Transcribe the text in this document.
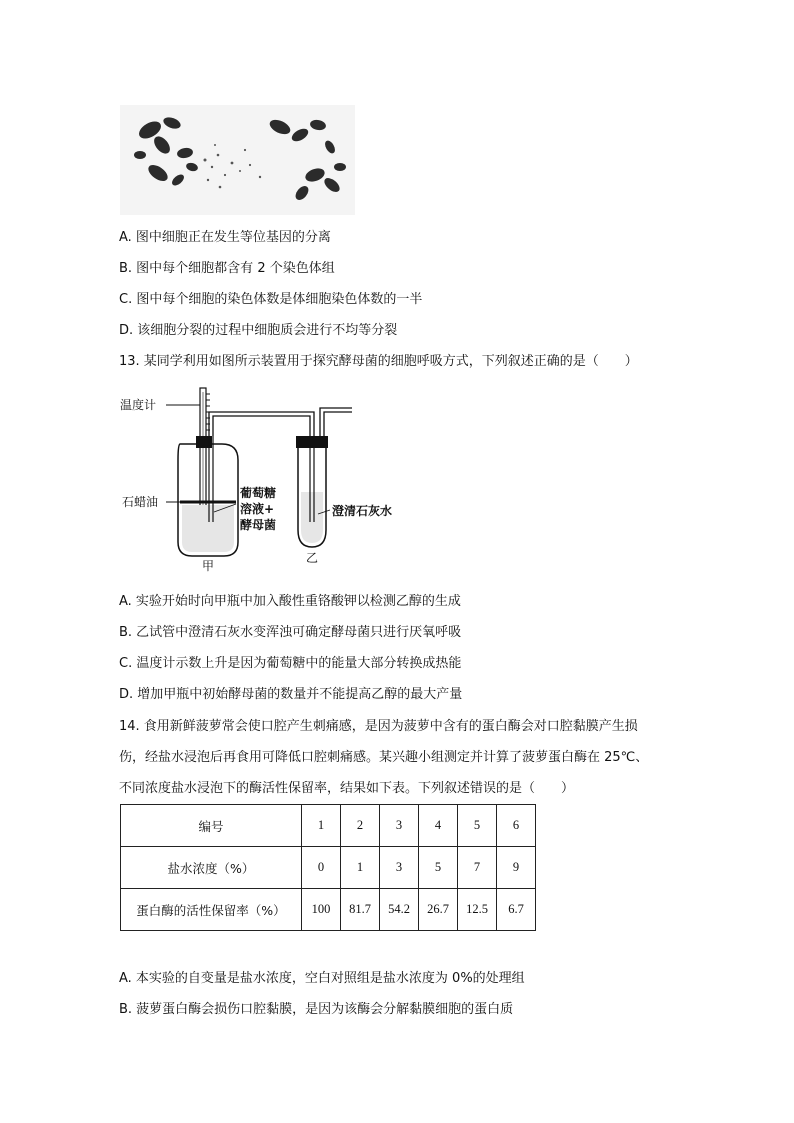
A. 图中细胞正在发生等位基因的分离
B. 图中每个细胞都含有 2 个染色体组
C. 图中每个细胞的染色体数是体细胞染色体数的一半
D. 该细胞分裂的过程中细胞质会进行不均等分裂
13. 某同学利用如图所示装置用于探究酵母菌的细胞呼吸方式，下列叙述正确的是（　　）
温度计
石蜡油
葡萄糖
溶液+
酵母菌
澄清石灰水
甲
乙
A. 实验开始时向甲瓶中加入酸性重铬酸钾以检测乙醇的生成
B. 乙试管中澄清石灰水变浑浊可确定酵母菌只进行厌氧呼吸
C. 温度计示数上升是因为葡萄糖中的能量大部分转换成热能
D. 增加甲瓶中初始酵母菌的数量并不能提高乙醇的最大产量
14. 食用新鲜菠萝常会使口腔产生刺痛感，是因为菠萝中含有的蛋白酶会对口腔黏膜产生损
伤，经盐水浸泡后再食用可降低口腔刺痛感。某兴趣小组测定并计算了菠萝蛋白酶在 25℃、
不同浓度盐水浸泡下的酶活性保留率，结果如下表。下列叙述错误的是（　　）
编号	1	2	3	4	5	6
盐水浓度（%）	0	1	3	5	7	9
蛋白酶的活性保留率（%）	100	81.7	54.2	26.7	12.5	6.7
A. 本实验的自变量是盐水浓度，空白对照组是盐水浓度为 0%的处理组
B. 菠萝蛋白酶会损伤口腔黏膜，是因为该酶会分解黏膜细胞的蛋白质
